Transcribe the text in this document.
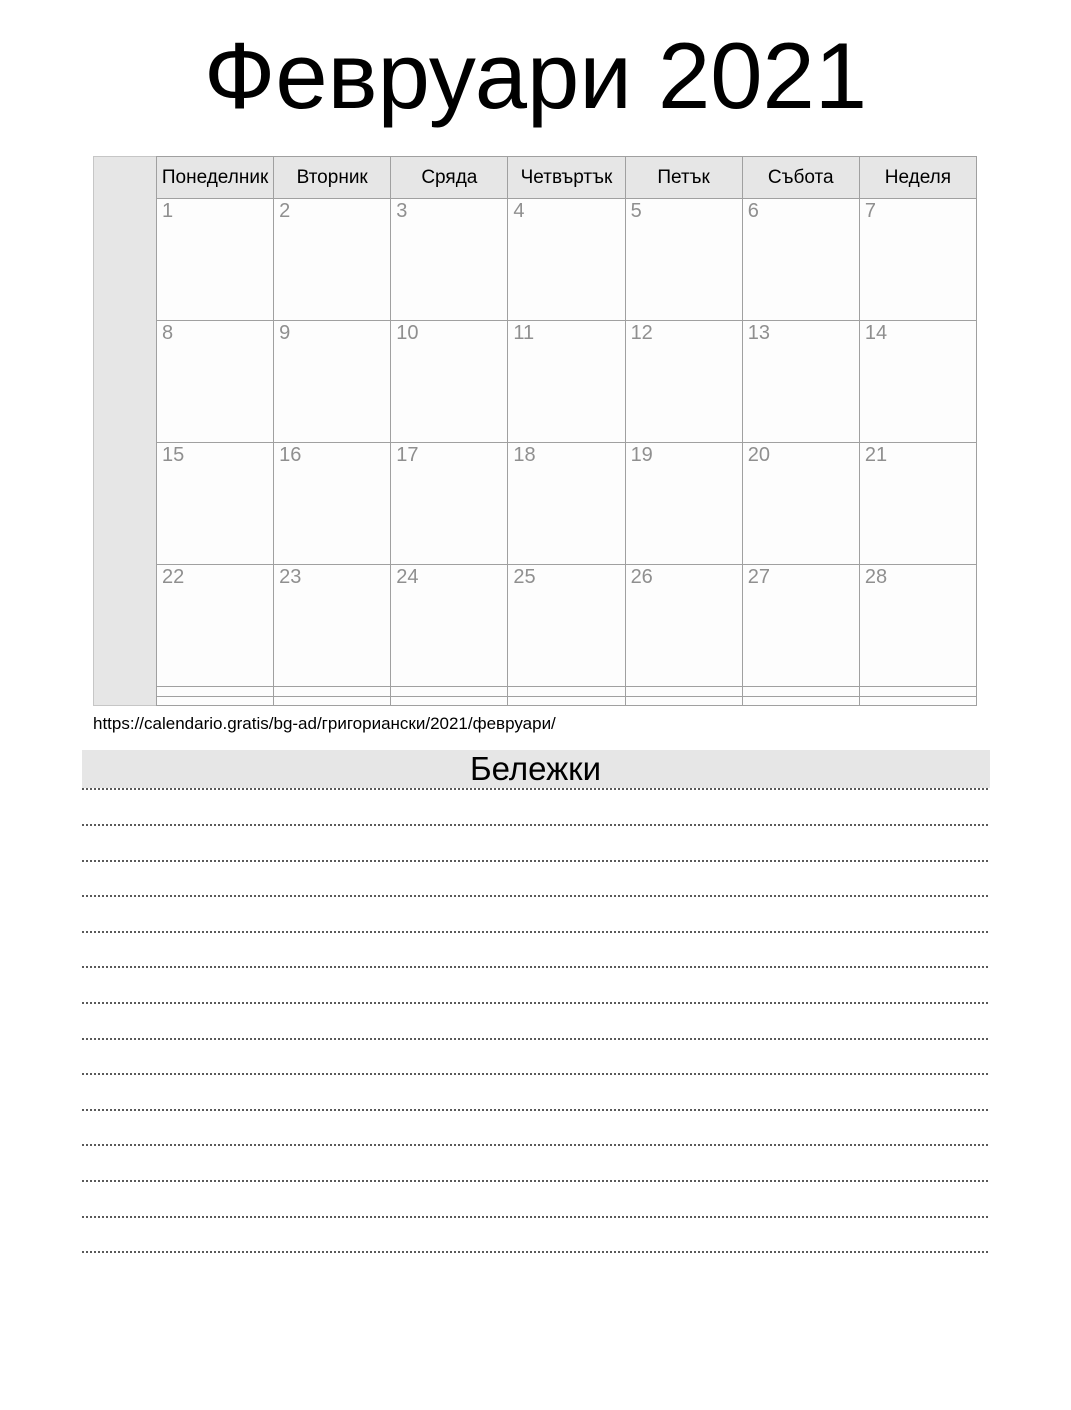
Февруари 2021
Понеделник	Вторник	Сряда	Четвъртък	Петък	Събота	Неделя
1	2	3	4	5	6	7
8	9	10	11	12	13	14
15	16	17	18	19	20	21
22	23	24	25	26	27	28

https://calendario.gratis/bg-ad/григориански/2021/февруари/
Бележки
